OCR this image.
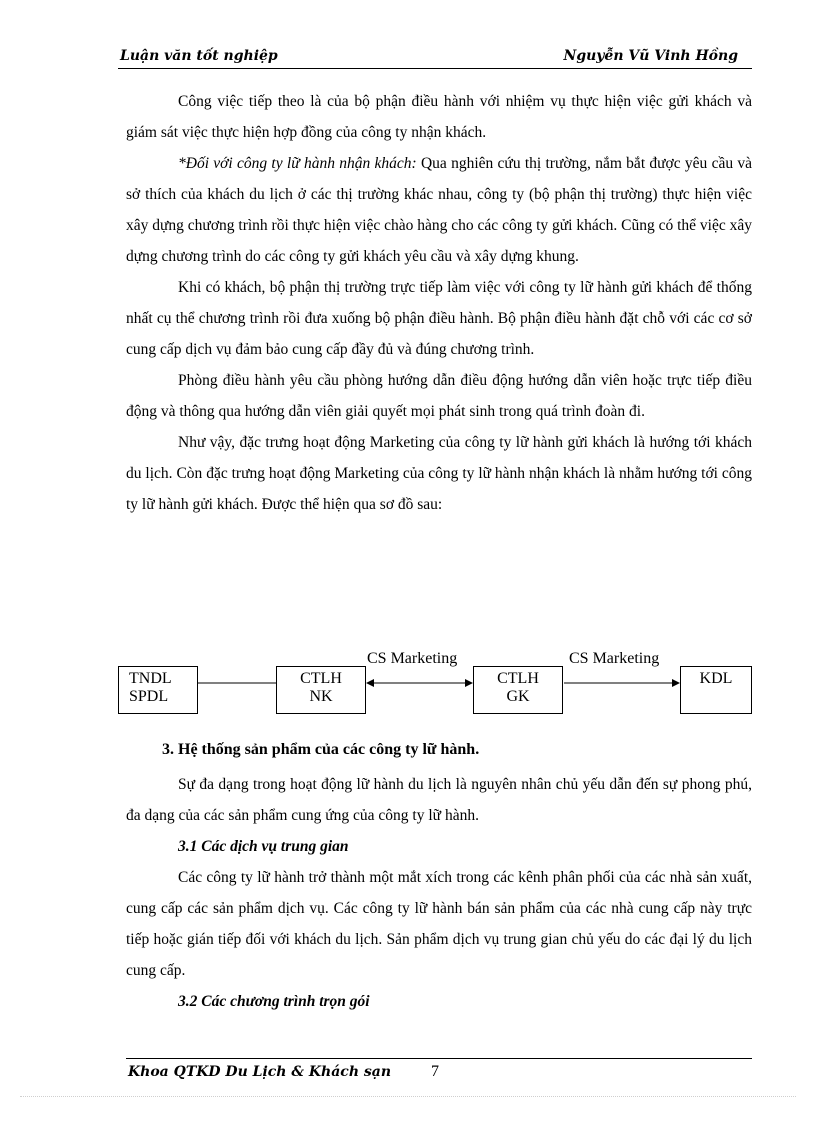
Luận văn tốt nghiệp	Nguyễn Vũ Vinh Hồng

Công việc tiếp theo là của bộ phận điều hành với nhiệm vụ thực hiện việc gửi khách và giám sát việc thực hiện hợp đồng của công ty nhận khách.

*Đối với công ty lữ hành nhận khách: Qua nghiên cứu thị trường, nắm bắt được yêu cầu và sở thích của khách du lịch ở các thị trường khác nhau, công ty (bộ phận thị trường) thực hiện việc xây dựng chương trình rồi thực hiện việc chào hàng cho các công ty gửi khách. Cũng có thể việc xây dựng chương trình do các công ty gửi khách yêu cầu và xây dựng khung.

Khi có khách, bộ phận thị trường trực tiếp làm việc với công ty lữ hành gửi khách để thống nhất cụ thể chương trình rồi đưa xuống bộ phận điều hành. Bộ phận điều hành đặt chỗ với các cơ sở cung cấp dịch vụ đảm bảo cung cấp đầy đủ và đúng chương trình.

Phòng điều hành yêu cầu phòng hướng dẫn điều động hướng dẫn viên hoặc trực tiếp điều động và thông qua hướng dẫn viên giải quyết mọi phát sinh trong quá trình đoàn đi.

Như vậy, đặc trưng hoạt động Marketing của công ty lữ hành gửi khách là hướng tới khách du lịch. Còn đặc trưng hoạt động Marketing của công ty lữ hành nhận khách là nhằm hướng tới công ty lữ hành gửi khách. Được thể hiện qua sơ đồ sau:

TNDL
SPDL
CTLH
NK
CTLH
GK
KDL
CS Marketing	CS Marketing
3. Hệ thống sản phẩm của các công ty lữ hành.

Sự đa dạng trong hoạt động lữ hành du lịch là nguyên nhân chủ yếu dẫn đến sự phong phú, đa dạng của các sản phẩm cung ứng của công ty lữ hành.

3.1 Các dịch vụ trung gian

Các công ty lữ hành trở thành một mắt xích trong các kênh phân phối của các nhà sản xuất, cung cấp các sản phẩm dịch vụ. Các công ty lữ hành bán sản phẩm của các nhà cung cấp này trực tiếp hoặc gián tiếp đối với khách du lịch. Sản phẩm dịch vụ trung gian chủ yếu do các đại lý du lịch cung cấp.

3.2 Các chương trình trọn gói

Khoa QTKD Du Lịch & Khách sạn	7
